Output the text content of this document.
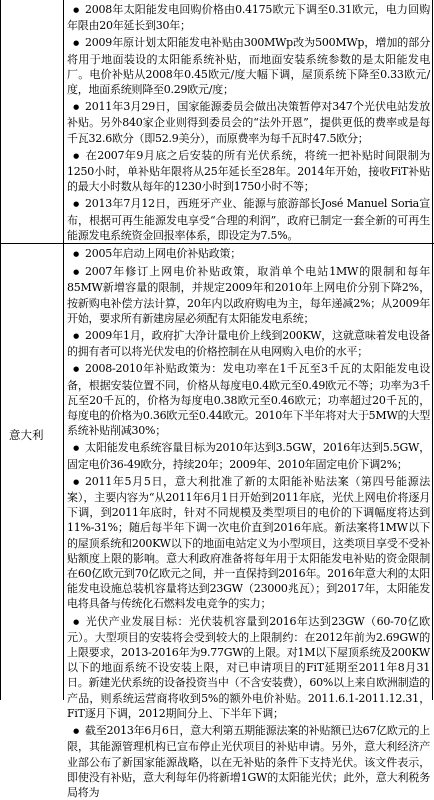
意大利

● 2008年太阳能发电回购价格由0.4175欧元下调至0.31欧元，电力回购年限由20年延长到30年；

● 2009年原计划太阳能发电补贴由300MWp改为500MWp，增加的部分将用于地面装设的太阳能系统补贴，而地面安装系统参数的是太阳能发电厂。电价补贴从2008年0.45欧元/度大幅下调，屋顶系统下降至0.33欧元/度，地面系统则降至0.29欧元/度；

● 2011年3月29日，国家能源委员会做出决策暂停对347个光伏电站发放补贴。另外840家企业则得到委员会的“法外开恩”，提供更低的费率或是每千瓦32.6欧分（即52.9美分），而原费率为每千瓦时47.5欧分；

● 在2007年9月底之后安装的所有光伏系统，将统一把补贴时间限制为1250小时，单补贴年限将从25年延长至28年。2014年开始，接收FiT补贴的最大小时数从每年的1230小时到1750小时不等；

● 2013年7月12日，西班牙产业、能源与旅游部长José Manuel Soria宣布，根据可再生能源发电享受“合理的利润”，政府已制定一套全新的可再生能源发电系统资金回报率体系，即设定为7.5%。

● 2005年启动上网电价补贴政策；

● 2007年修订上网电价补贴政策，取消单个电站1MW的限制和每年85MW新增容量的限制，并规定2009年和2010年上网电价分别下降2%，按新购电补偿方法计算，20年内以政府购电为主，每年递减2%；从2009年开始，要求所有新建房屋必须配有太阳能发电系统；

● 2009年1月，政府扩大净计量电价上线到200KW，这就意味着发电设备的拥有者可以将光伏发电的价格控制在从电网购入电价的水平；

● 2008-2010年补贴政策为：发电功率在1千瓦至3千瓦的太阳能发电设备，根据安装位置不同，价格从每度电0.4欧元至0.49欧元不等；功率为3千瓦至20千瓦的，价格为每度电0.38欧元至0.46欧元；功率超过20千瓦的，每度电的价格为0.36欧元至0.44欧元。2010年下半年将对大于5MW的大型系统补贴削减30%；

● 太阳能发电系统容量目标为2010年达到3.5GW，2016年达到5.5GW，固定电价36-49欧分，持续20年；2009年、2010年固定电价下调2%；

● 2011年5月5日，意大利批准了新的太阳能补贴法案（第四号能源法案），主要内容为“从2011年6月1日开始到2011年底，光伏上网电价将逐月下调，到2011年底时，针对不同规模及类型项目的电价的下调幅度将达到11%-31%；随后每半年下调一次电价直到2016年底。新法案将1MW以下的屋顶系统和200KW以下的地面电站定义为小型项目，这类项目享受不受补贴额度上限的影响。意大利政府准备将每年用于太阳能发电补贴的资金限制在60亿欧元到70亿欧元之间，并一直保持到2016年。2016年意大利的太阳能发电设施总装机容量将达到23GW（23000兆瓦）；到2017年，太阳能发电将具备与传统化石燃料发电竞争的实力；

● 光伏产业发展目标：光伏装机容量到2016年达到23GW（60-70亿欧元）。大型项目的安装将会受到较大的上限制约：在2012年前为2.69GW的上限要求，2013-2016年为9.77GW的上限。对1M以下屋顶系统及200KW以下的地面系统不设安装上限，对已申请项目的FiT延期至2011年8月31日。新建光伏系统的设备投资当中（不含安装费），60%以上来自欧洲制造的产品，则系统运营商将收到5%的额外电价补贴。2011.6.1-2011.12.31，FiT逐月下调，2012期间分上、下半年下调；

● 截至2013年6月6日，意大利第五期能源法案的补贴额已达67亿欧元的上限，其能源管理机构已宣布停止光伏项目的补贴申请。另外，意大利经济产业部公布了新国家能源战略，以在无补贴的条件下支持光伏。该文件表示，即使没有补贴，意大利每年仍将新增1GW的太阳能光伏；此外，意大利税务局将为
